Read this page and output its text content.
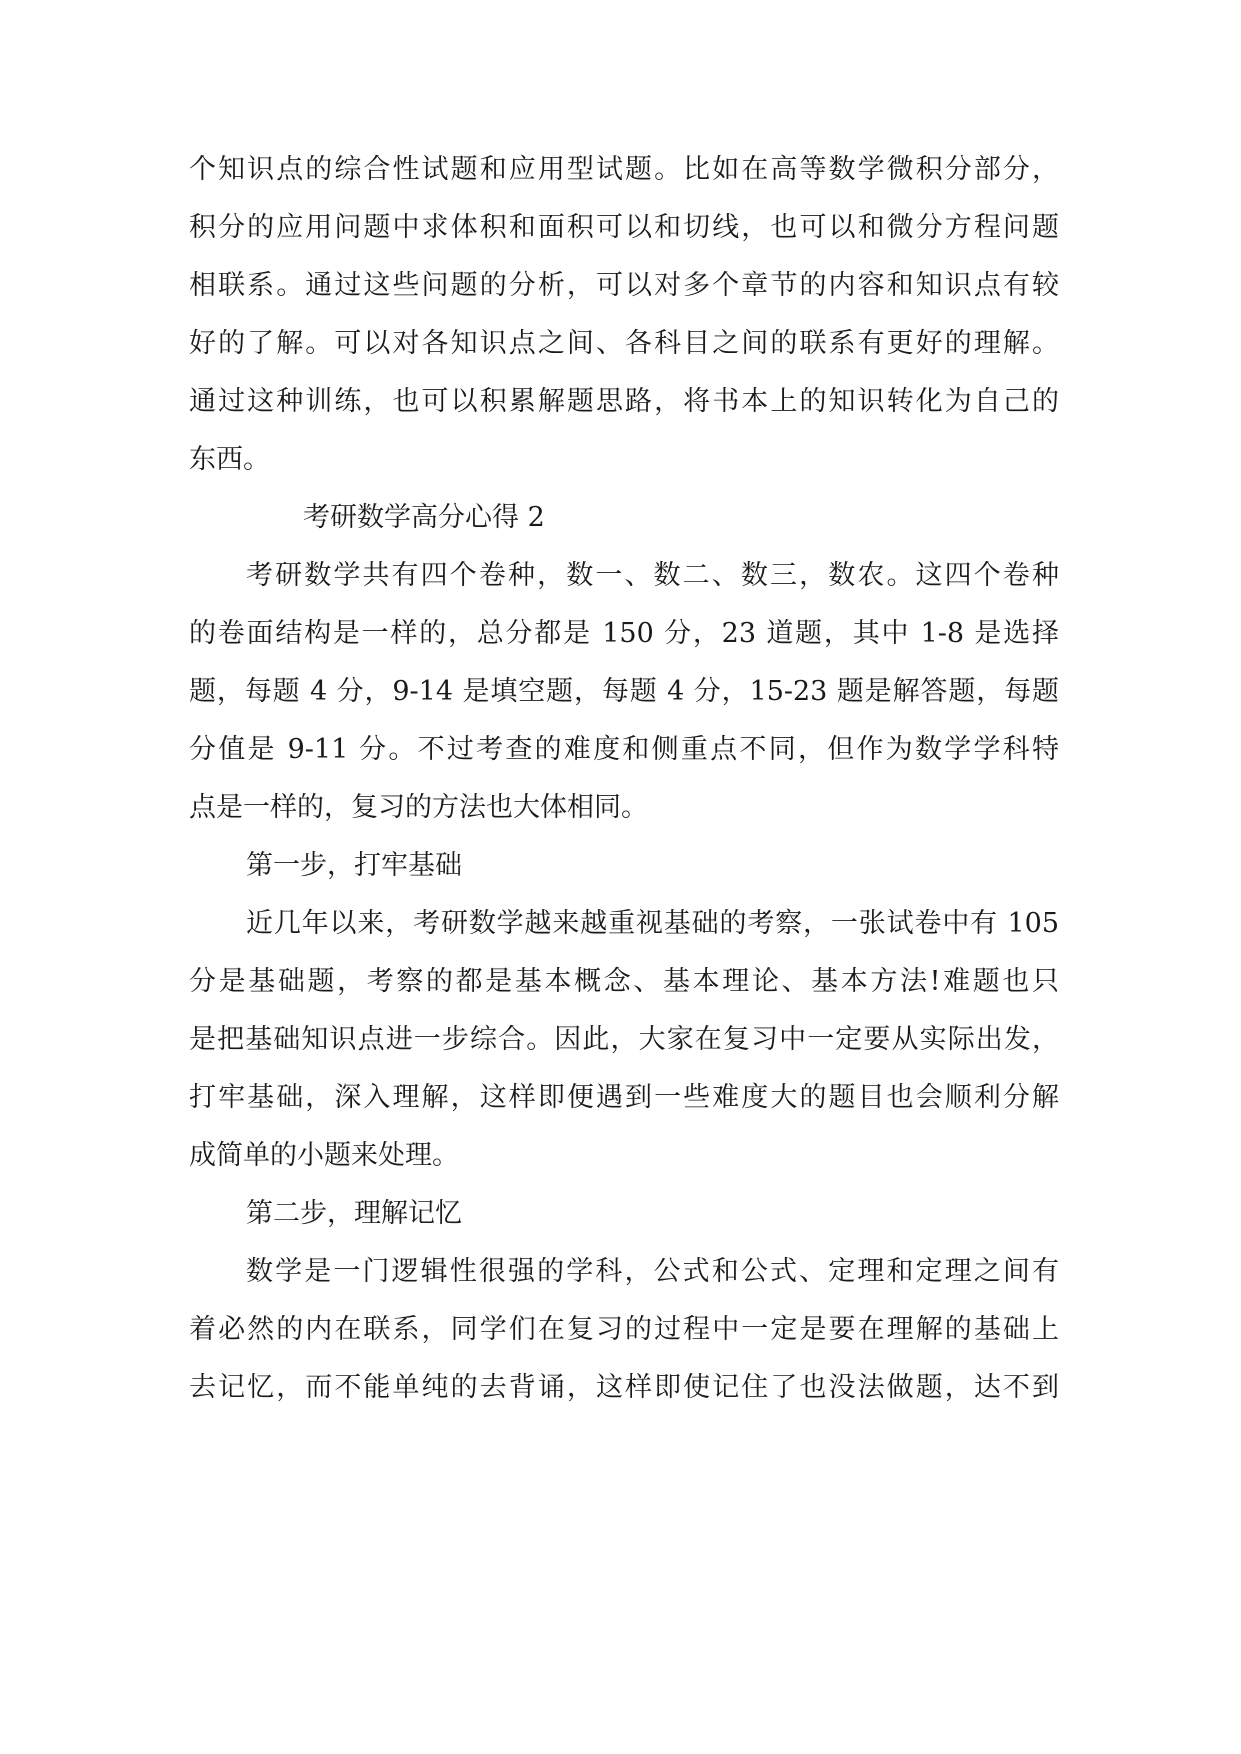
个知识点的综合性试题和应用型试题。比如在高等数学微积分部分，
积分的应用问题中求体积和面积可以和切线，也可以和微分方程问题
相联系。通过这些问题的分析，可以对多个章节的内容和知识点有较
好的了解。可以对各知识点之间、各科目之间的联系有更好的理解。
通过这种训练，也可以积累解题思路，将书本上的知识转化为自己的
东西。
考研数学高分心得 2
考研数学共有四个卷种，数一、数二、数三，数农。这四个卷种
的卷面结构是一样的，总分都是 150 分，23 道题，其中 1-8 是选择
题，每题 4 分，9-14 是填空题，每题 4 分，15-23 题是解答题，每题
分值是 9-11 分。不过考查的难度和侧重点不同，但作为数学学科特
点是一样的，复习的方法也大体相同。
第一步，打牢基础
近几年以来，考研数学越来越重视基础的考察，一张试卷中有 105
分是基础题，考察的都是基本概念、基本理论、基本方法!难题也只
是把基础知识点进一步综合。因此，大家在复习中一定要从实际出发，
打牢基础，深入理解，这样即便遇到一些难度大的题目也会顺利分解
成简单的小题来处理。
第二步，理解记忆
数学是一门逻辑性很强的学科，公式和公式、定理和定理之间有
着必然的内在联系，同学们在复习的过程中一定是要在理解的基础上
去记忆，而不能单纯的去背诵，这样即使记住了也没法做题，达不到
